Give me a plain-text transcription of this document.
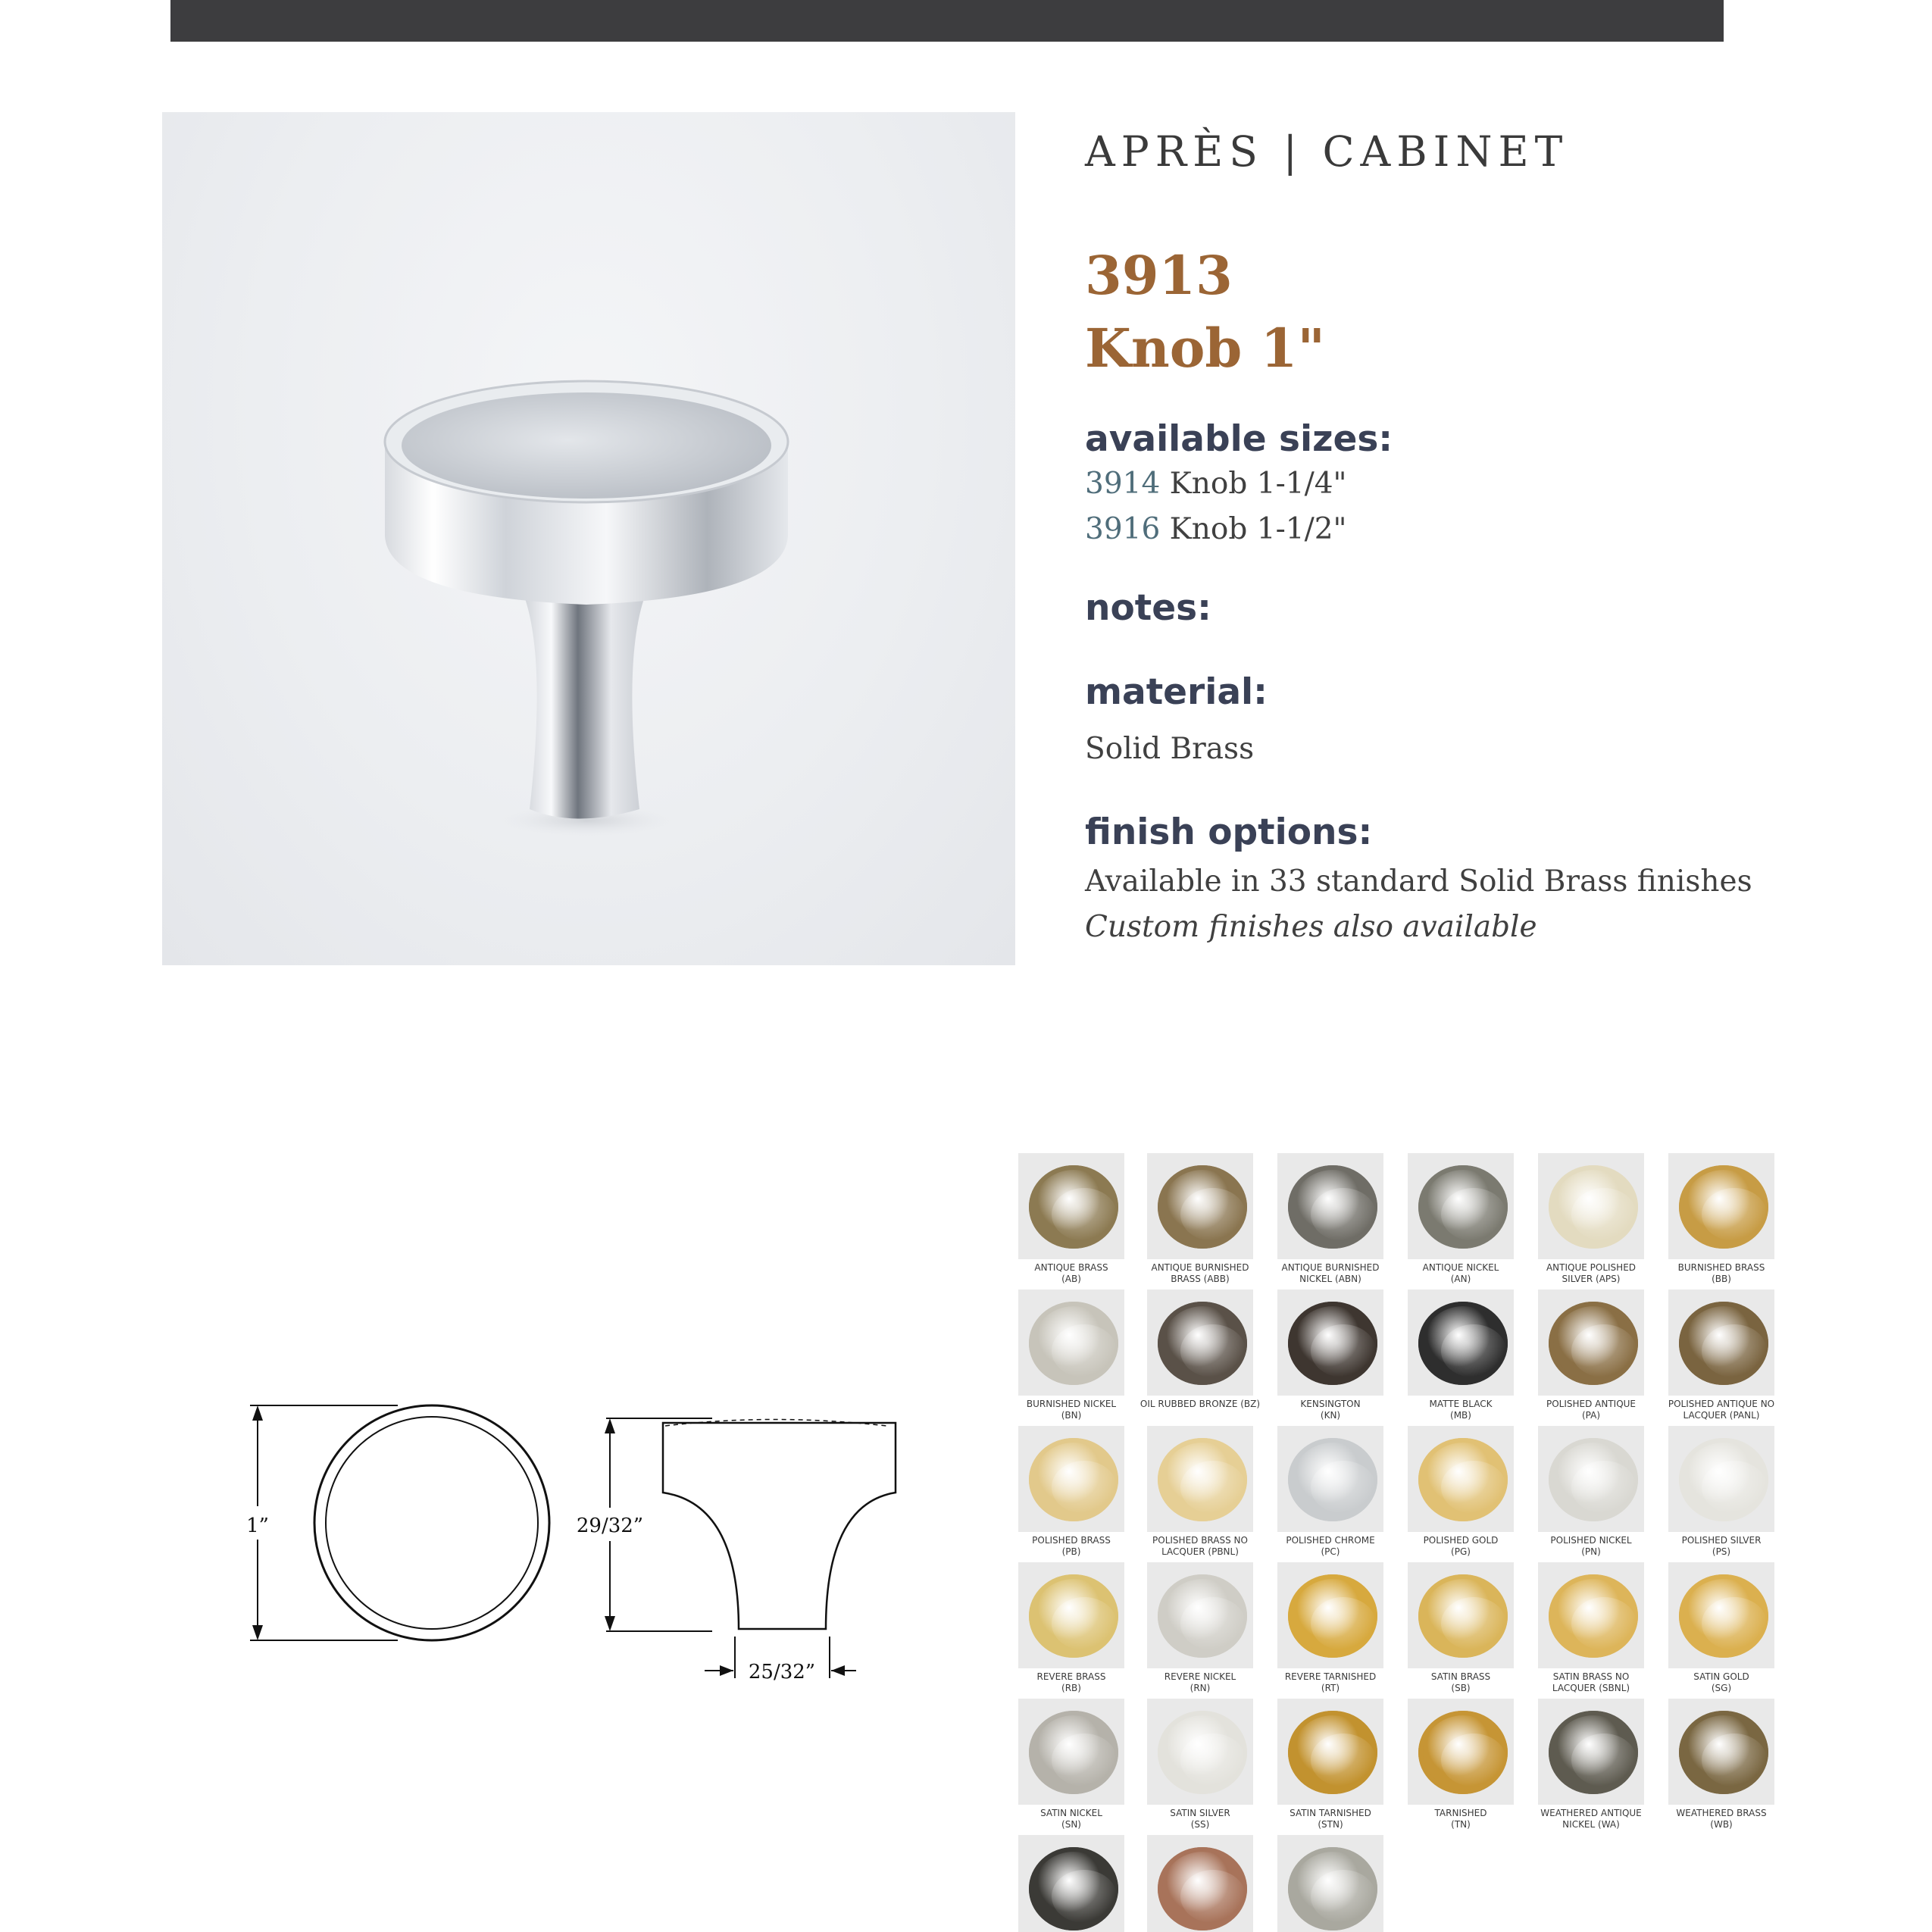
APRÈS | CABINET
3913
Knob 1"
available sizes:
3914 Knob 1-1/4"
3916 Knob 1-1/2"
notes:
material:
Solid Brass
finish options:
Available in 33 standard Solid Brass finishes
Custom finishes also available
1”	29/32”
25/32”
ANTIQUE BRASS
(AB)
ANTIQUE BURNISHED BRASS (ABB)
ANTIQUE BURNISHED NICKEL (ABN)
ANTIQUE NICKEL
(AN)
ANTIQUE POLISHED SILVER (APS)
BURNISHED BRASS
(BB)
BURNISHED NICKEL
(BN)
OIL RUBBED BRONZE (BZ)	KENSINGTON
(KN)
MATTE BLACK
(MB)
POLISHED ANTIQUE
(PA)
POLISHED ANTIQUE NO LACQUER (PANL)
POLISHED BRASS
(PB)
POLISHED BRASS NO LACQUER (PBNL)
POLISHED CHROME
(PC)
POLISHED GOLD
(PG)
POLISHED NICKEL
(PN)
POLISHED SILVER
(PS)
REVERE BRASS
(RB)
REVERE NICKEL
(RN)
REVERE TARNISHED
(RT)
SATIN BRASS
(SB)
SATIN BRASS NO LACQUER (SBNL)
SATIN GOLD
(SG)
SATIN NICKEL
(SN)
SATIN SILVER
(SS)
SATIN TARNISHED
(STN)
TARNISHED
(TN)
WEATHERED ANTIQUE NICKEL (WA)
WEATHERED BRASS
(WB)
